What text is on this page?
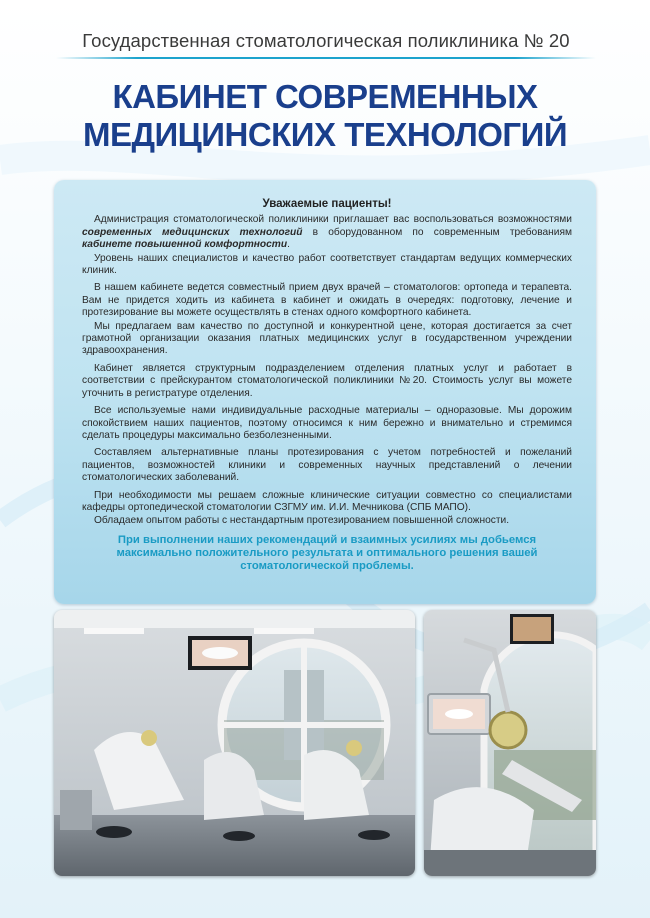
Государственная стоматологическая поликлиника № 20
КАБИНЕТ СОВРЕМЕННЫХ
МЕДИЦИНСКИХ ТЕХНОЛОГИЙ
Уважаемые пациенты!

Администрация стоматологической поликлиники приглашает вас воспользоваться возможностями современных медицинских технологий в оборудованном по современным требованиям кабинете повышенной комфортности.

Уровень наших специалистов и качество работ соответствует стандартам ведущих коммерческих клиник.

В нашем кабинете ведется совместный прием двух врачей – стоматологов: ортопеда и терапевта. Вам не придется ходить из кабинета в кабинет и ожидать в очередях: подготовку, лечение и протезирование вы можете осуществлять в стенах одного комфортного кабинета.

Мы предлагаем вам качество по доступной и конкурентной цене, которая достигается за счет грамотной организации оказания платных медицинских услуг в государственном учреждении здравоохранения.

Кабинет является структурным подразделением отделения платных услуг и работает в соответствии с прейскурантом стоматологической поликлиники №20. Стоимость услуг вы можете уточнить в регистратуре отделения.

Все используемые нами индивидуальные расходные материалы – одноразовые. Мы дорожим спокойствием наших пациентов, поэтому относимся к ним бережно и внимательно и стремимся сделать процедуры максимально безболезненными.

Составляем альтернативные планы протезирования с учетом потребностей и пожеланий пациентов, возможностей клиники и современных научных представлений о лечении стоматологических заболеваний.

При необходимости мы решаем сложные клинические ситуации совместно со специалистами кафедры ортопедической стоматологии СЗГМУ им. И.И. Мечникова (СПБ МАПО).

Обладаем опытом работы с нестандартным протезированием повышенной сложности.

При выполнении наших рекомендаций и взаимных усилиях мы добьемся максимально положительного результата и оптимального решения вашей стоматологической проблемы.
